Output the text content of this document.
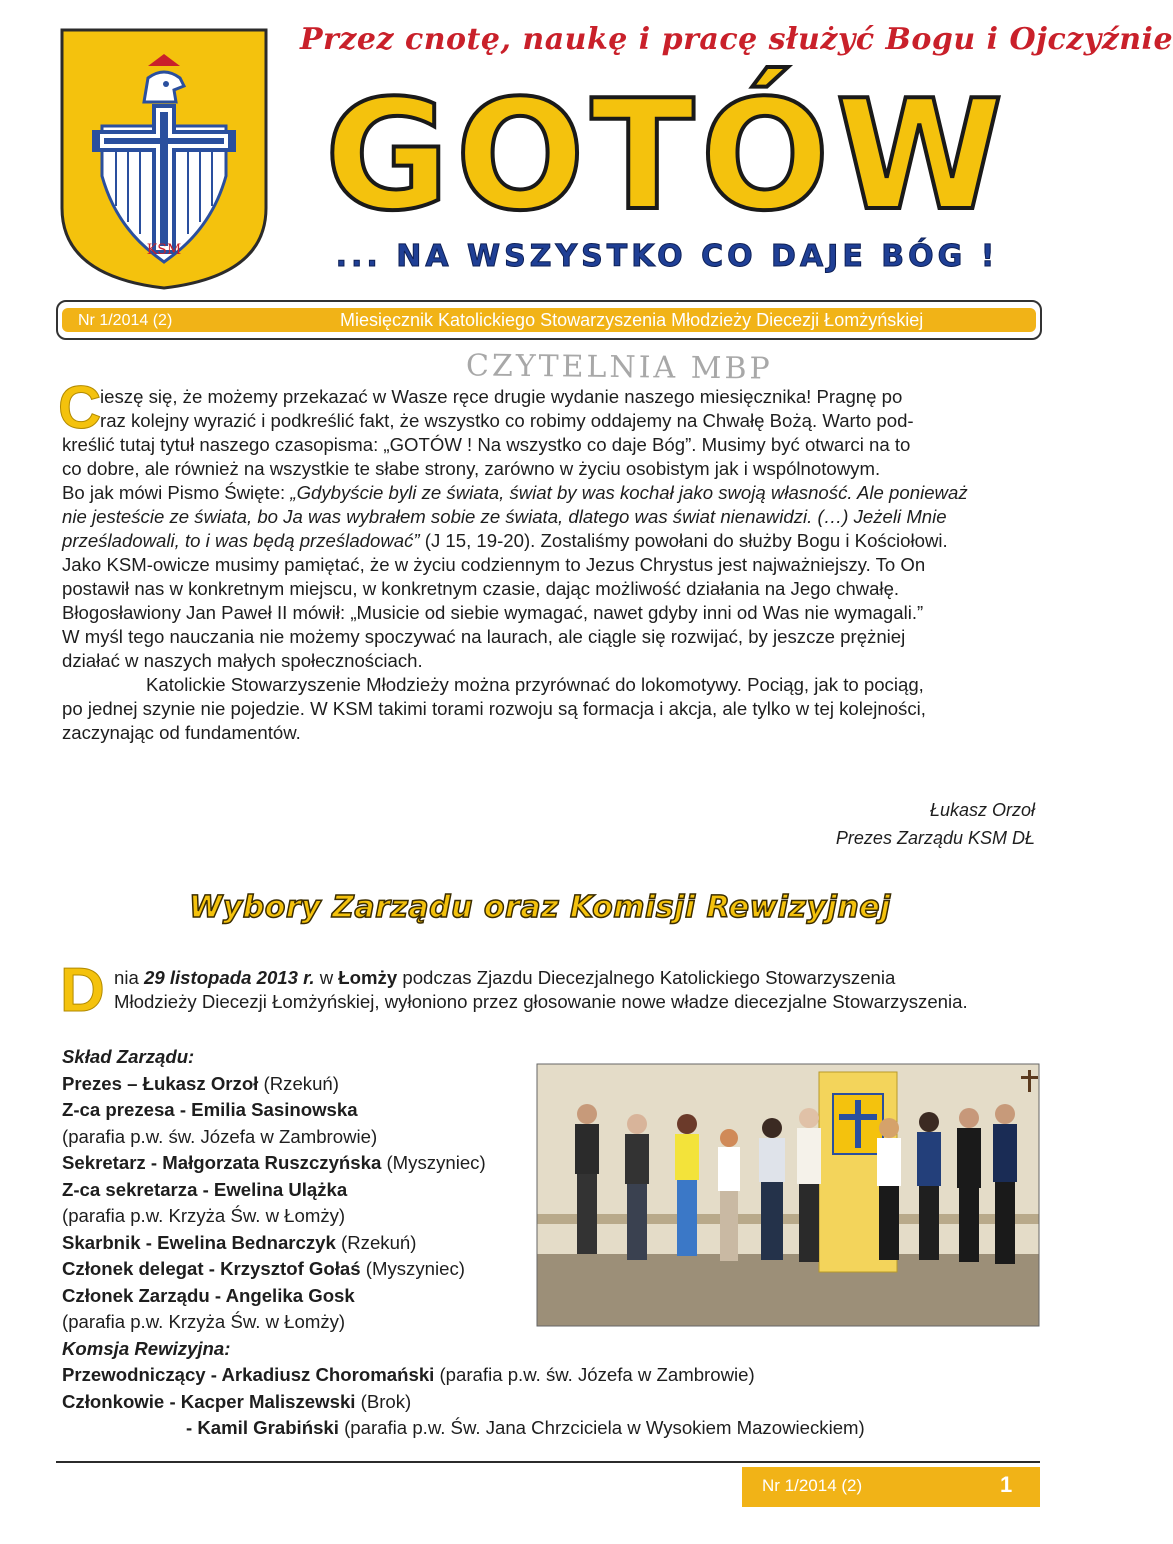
KSM
Przez cnotę, naukę i pracę służyć Bogu i Ojczyźnie
GOTÓW
... NA WSZYSTKO CO DAJE BÓG !
Nr 1/2014 (2)	Miesięcznik Katolickiego Stowarzyszenia Młodzieży Diecezji Łomżyńskiej
CZYTELNIA MBP
C
ieszę się, że możemy przekazać w Wasze ręce drugie wydanie naszego miesięcznika! Pragnę po
raz kolejny wyrazić i podkreślić fakt, że wszystko co robimy oddajemy na Chwałę Bożą. Warto pod-
kreślić tutaj tytuł naszego czasopisma: „GOTÓW ! Na wszystko co daje Bóg”. Musimy być otwarci na to
co dobre, ale również na wszystkie te słabe strony, zarówno w życiu osobistym jak i wspólnotowym.
Bo jak mówi Pismo Święte: „Gdybyście byli ze świata, świat by was kochał jako swoją własność. Ale ponieważ
nie jesteście ze świata, bo Ja was wybrałem sobie ze świata, dlatego was świat nienawidzi. (…) Jeżeli Mnie
prześladowali, to i was będą prześladować” (J 15, 19-20). Zostaliśmy powołani do służby Bogu i Kościołowi.
Jako KSM-owicze musimy pamiętać, że w życiu codziennym to Jezus Chrystus jest najważniejszy. To On
postawił nas w konkretnym miejscu, w konkretnym czasie, dając możliwość działania na Jego chwałę.
Błogosławiony Jan Paweł II mówił: „Musicie od siebie wymagać, nawet gdyby inni od Was nie wymagali.”
W myśl tego nauczania nie możemy spoczywać na laurach, ale ciągle się rozwijać, by jeszcze prężniej
działać w naszych małych społecznościach.
Katolickie Stowarzyszenie Młodzieży można przyrównać do lokomotywy. Pociąg, jak to pociąg,
po jednej szynie nie pojedzie. W KSM takimi torami rozwoju są formacja i akcja, ale tylko w tej kolejności,
zaczynając od fundamentów.
Łukasz Orzoł
Prezes Zarządu KSM DŁ
Wybory Zarządu oraz Komisji Rewizyjnej
D nia 29 listopada 2013 r. w Łomży podczas Zjazdu Diecezjalnego Katolickiego Stowarzyszenia
Młodzieży Diecezji Łomżyńskiej, wyłoniono przez głosowanie nowe władze diecezjalne Stowarzyszenia.
Skład Zarządu:
Prezes – Łukasz Orzoł (Rzekuń)
Z-ca prezesa - Emilia Sasinowska
(parafia p.w. św. Józefa w Zambrowie)
Sekretarz - Małgorzata Ruszczyńska (Myszyniec)
Z-ca sekretarza - Ewelina Ulążka
(parafia p.w. Krzyża Św. w Łomży)
Skarbnik - Ewelina Bednarczyk (Rzekuń)
Członek delegat - Krzysztof Gołaś (Myszyniec)
Członek Zarządu - Angelika Gosk
(parafia p.w. Krzyża Św. w Łomży)
Komsja Rewizyjna:
Przewodniczący - Arkadiusz Choromański (parafia p.w. św. Józefa w Zambrowie)
Członkowie - Kacper Maliszewski (Brok)
- Kamil Grabiński (parafia p.w. Św. Jana Chrzciciela w Wysokiem Mazowieckiem)
Nr 1/2014 (2)	1
